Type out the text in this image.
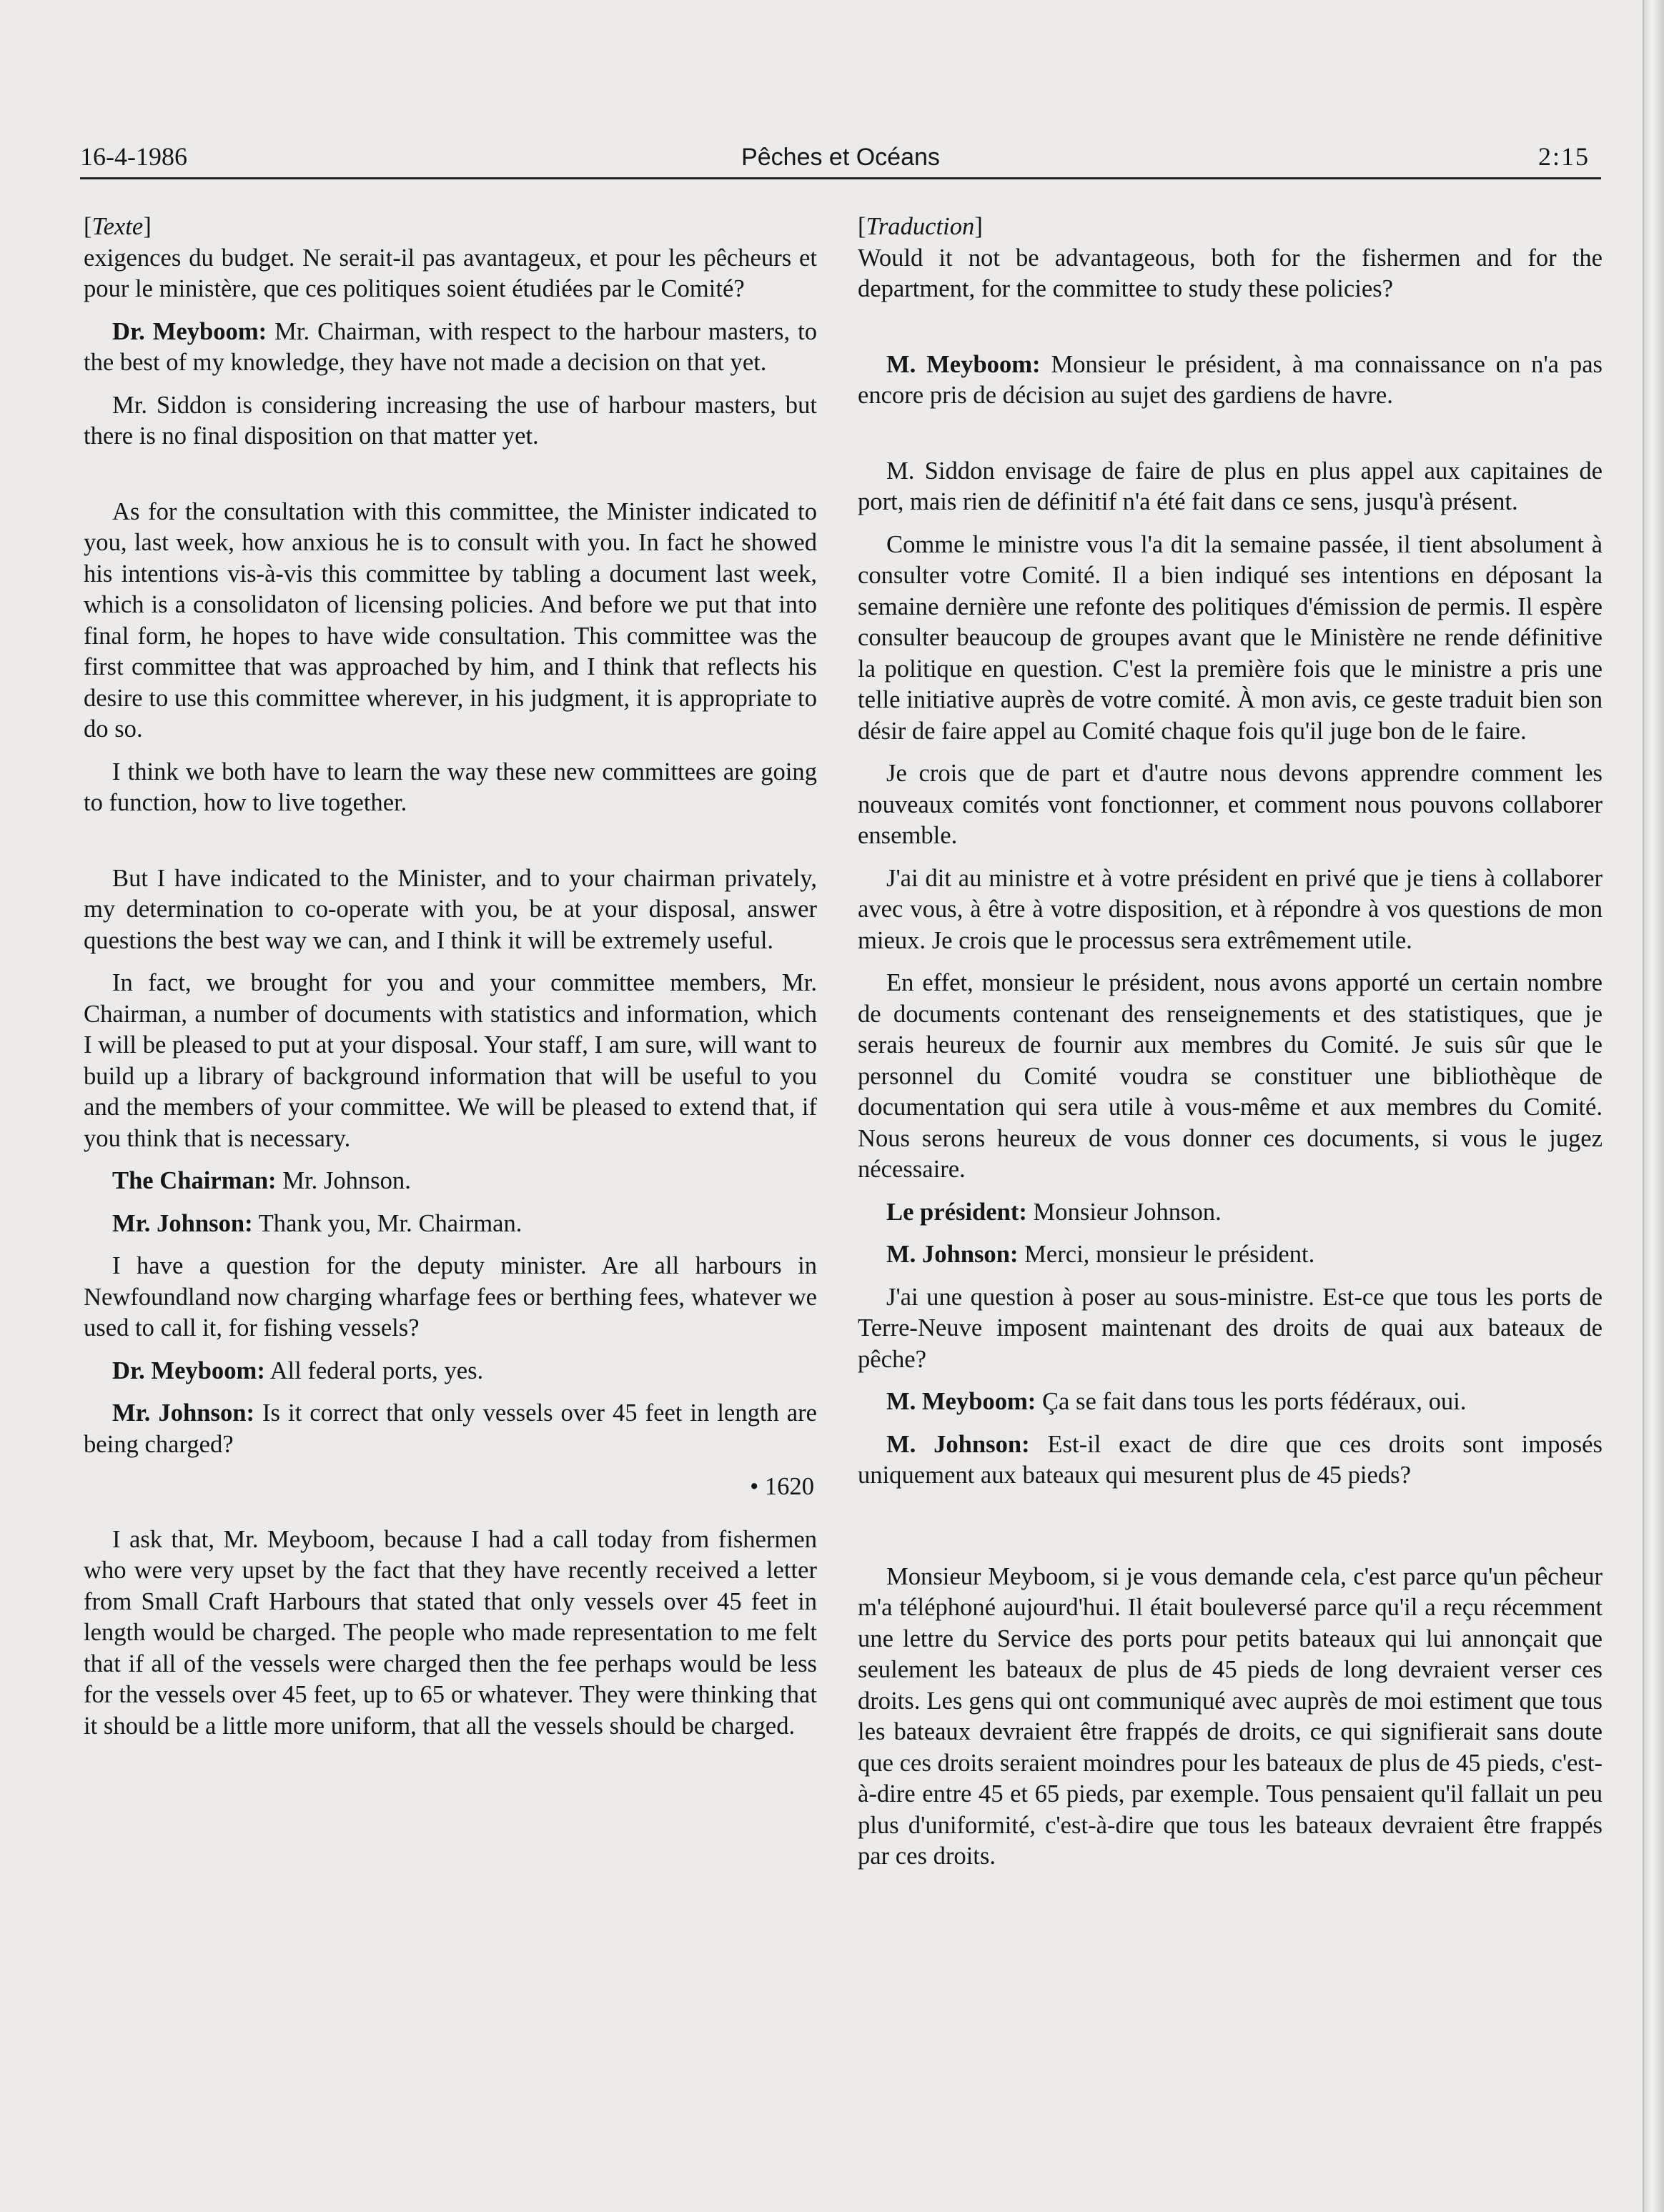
16-4-1986	Pêches et Océans	2:15

[Texte]

exigences du budget. Ne serait-il pas avantageux, et pour les pêcheurs et pour le ministère, que ces politiques soient étudiées par le Comité?

Dr. Meyboom: Mr. Chairman, with respect to the harbour masters, to the best of my knowledge, they have not made a decision on that yet.

Mr. Siddon is considering increasing the use of harbour masters, but there is no final disposition on that matter yet.

As for the consultation with this committee, the Minister indicated to you, last week, how anxious he is to consult with you. In fact he showed his intentions vis-à-vis this committee by tabling a document last week, which is a consolidaton of licensing policies. And before we put that into final form, he hopes to have wide consultation. This committee was the first committee that was approached by him, and I think that reflects his desire to use this committee wherever, in his judgment, it is appropriate to do so.

I think we both have to learn the way these new committees are going to function, how to live together.

But I have indicated to the Minister, and to your chairman privately, my determination to co-operate with you, be at your disposal, answer questions the best way we can, and I think it will be extremely useful.

In fact, we brought for you and your committee members, Mr. Chairman, a number of documents with statistics and information, which I will be pleased to put at your disposal. Your staff, I am sure, will want to build up a library of background information that will be useful to you and the members of your committee. We will be pleased to extend that, if you think that is necessary.

The Chairman: Mr. Johnson.

Mr. Johnson: Thank you, Mr. Chairman.

I have a question for the deputy minister. Are all harbours in Newfoundland now charging wharfage fees or berthing fees, whatever we used to call it, for fishing vessels?

Dr. Meyboom: All federal ports, yes.

Mr. Johnson: Is it correct that only vessels over 45 feet in length are being charged?

• 1620

I ask that, Mr. Meyboom, because I had a call today from fishermen who were very upset by the fact that they have recently received a letter from Small Craft Harbours that stated that only vessels over 45 feet in length would be charged. The people who made representation to me felt that if all of the vessels were charged then the fee perhaps would be less for the vessels over 45 feet, up to 65 or whatever. They were thinking that it should be a little more uniform, that all the vessels should be charged.

[Traduction]

Would it not be advantageous, both for the fishermen and for the department, for the committee to study these policies?

M. Meyboom: Monsieur le président, à ma connaissance on n'a pas encore pris de décision au sujet des gardiens de havre.

M. Siddon envisage de faire de plus en plus appel aux capitaines de port, mais rien de définitif n'a été fait dans ce sens, jusqu'à présent.

Comme le ministre vous l'a dit la semaine passée, il tient absolument à consulter votre Comité. Il a bien indiqué ses intentions en déposant la semaine dernière une refonte des politiques d'émission de permis. Il espère consulter beaucoup de groupes avant que le Ministère ne rende définitive la politique en question. C'est la première fois que le ministre a pris une telle initiative auprès de votre comité. À mon avis, ce geste traduit bien son désir de faire appel au Comité chaque fois qu'il juge bon de le faire.

Je crois que de part et d'autre nous devons apprendre comment les nouveaux comités vont fonctionner, et comment nous pouvons collaborer ensemble.

J'ai dit au ministre et à votre président en privé que je tiens à collaborer avec vous, à être à votre disposition, et à répondre à vos questions de mon mieux. Je crois que le processus sera extrêmement utile.

En effet, monsieur le président, nous avons apporté un certain nombre de documents contenant des renseignements et des statistiques, que je serais heureux de fournir aux membres du Comité. Je suis sûr que le personnel du Comité voudra se constituer une bibliothèque de documentation qui sera utile à vous-même et aux membres du Comité. Nous serons heureux de vous donner ces documents, si vous le jugez nécessaire.

Le président: Monsieur Johnson.

M. Johnson: Merci, monsieur le président.

J'ai une question à poser au sous-ministre. Est-ce que tous les ports de Terre-Neuve imposent maintenant des droits de quai aux bateaux de pêche?

M. Meyboom: Ça se fait dans tous les ports fédéraux, oui.

M. Johnson: Est-il exact de dire que ces droits sont imposés uniquement aux bateaux qui mesurent plus de 45 pieds?

Monsieur Meyboom, si je vous demande cela, c'est parce qu'un pêcheur m'a téléphoné aujourd'hui. Il était bouleversé parce qu'il a reçu récemment une lettre du Service des ports pour petits bateaux qui lui annonçait que seulement les bateaux de plus de 45 pieds de long devraient verser ces droits. Les gens qui ont communiqué avec auprès de moi estiment que tous les bateaux devraient être frappés de droits, ce qui signifierait sans doute que ces droits seraient moindres pour les bateaux de plus de 45 pieds, c'est-à-dire entre 45 et 65 pieds, par exemple. Tous pensaient qu'il fallait un peu plus d'uniformité, c'est-à-dire que tous les bateaux devraient être frappés par ces droits.
